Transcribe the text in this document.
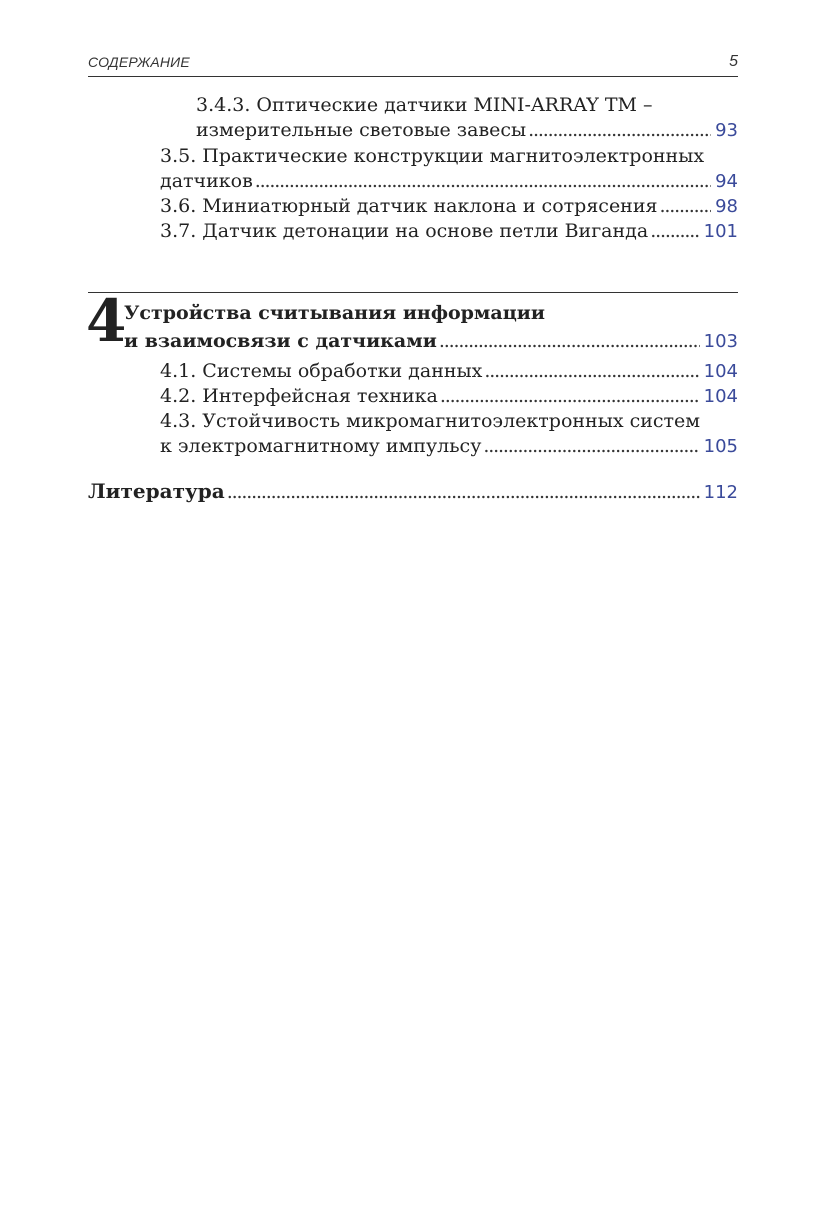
СОДЕРЖАНИЕ	5
3.4.3. Оптические датчики MINI-ARRAY TM –
измерительные световые завесы . . .	93
3.5. Практические конструкции магнитоэлектронных
датчиков . . .	94
3.6. Миниатюрный датчик наклона и сотрясения . . .	98
3.7. Датчик детонации на основе петли Виганда . . .	101
4
Устройства считывания информации
и взаимосвязи с датчиками . . .	103
4.1. Системы обработки данных . . .	104
4.2. Интерфейсная техника . . .	104
4.3. Устойчивость микромагнитоэлектронных систем
к электромагнитному импульсу . . .	105
Литература . . .	112
